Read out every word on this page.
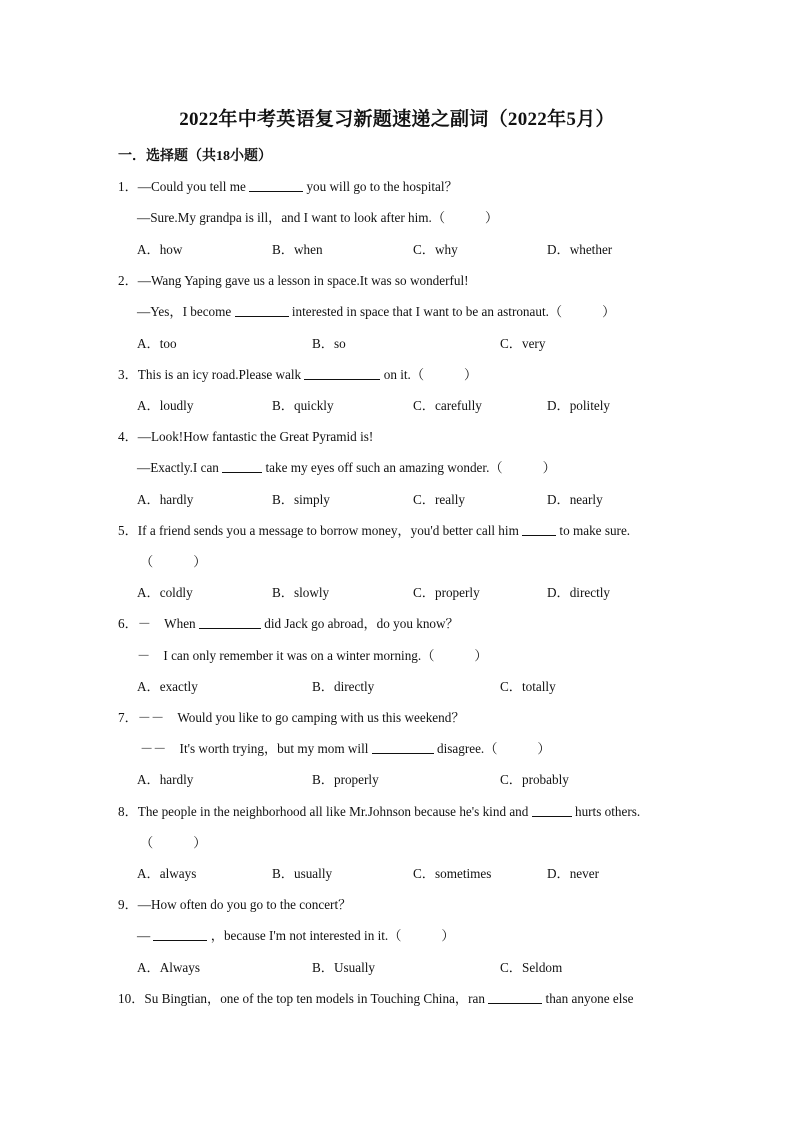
2022年中考英语复习新题速递之副词（2022年5月）
一．选择题（共18小题）
1．—Could you tell me	you will go to the hospital？
—Sure.My grandpa is ill，and I want to look after him.（	）
A．how	B．when	C．why	D．whether
2．—Wang Yaping gave us a lesson in space.It was so wonderful!
—Yes，I become	interested in space that I want to be an astronaut.（	）
A．too	B．so	C．very
3．This is an icy road.Please walk	on it.（	）
A．loudly	B．quickly	C．carefully	D．politely
4．—Look!How fantastic the Great Pyramid is!
—Exactly.I can	take my eyes off such an amazing wonder.（	）
A．hardly	B．simply	C．really	D．nearly
5．If a friend sends you a message to borrow money，you'd better call him	to make sure.
（	）
A．coldly	B．slowly	C．properly	D．directly
6．－　When	did Jack go abroad，do you know？
－　I can only remember it was on a winter morning.（	）
A．exactly	B．directly	C．totally
7．－－　Would you like to go camping with us this weekend？
－－　It's worth trying，but my mom will	disagree.（	）
A．hardly	B．properly	C．probably
8．The people in the neighborhood all like Mr.Johnson because he's kind and	hurts others.
（	）
A．always	B．usually	C．sometimes	D．never
9．—How often do you go to the concert？
—	，because I'm not interested in it.（	）
A．Always	B．Usually	C．Seldom
10．Su Bingtian，one of the top ten models in Touching China，ran	than anyone else
